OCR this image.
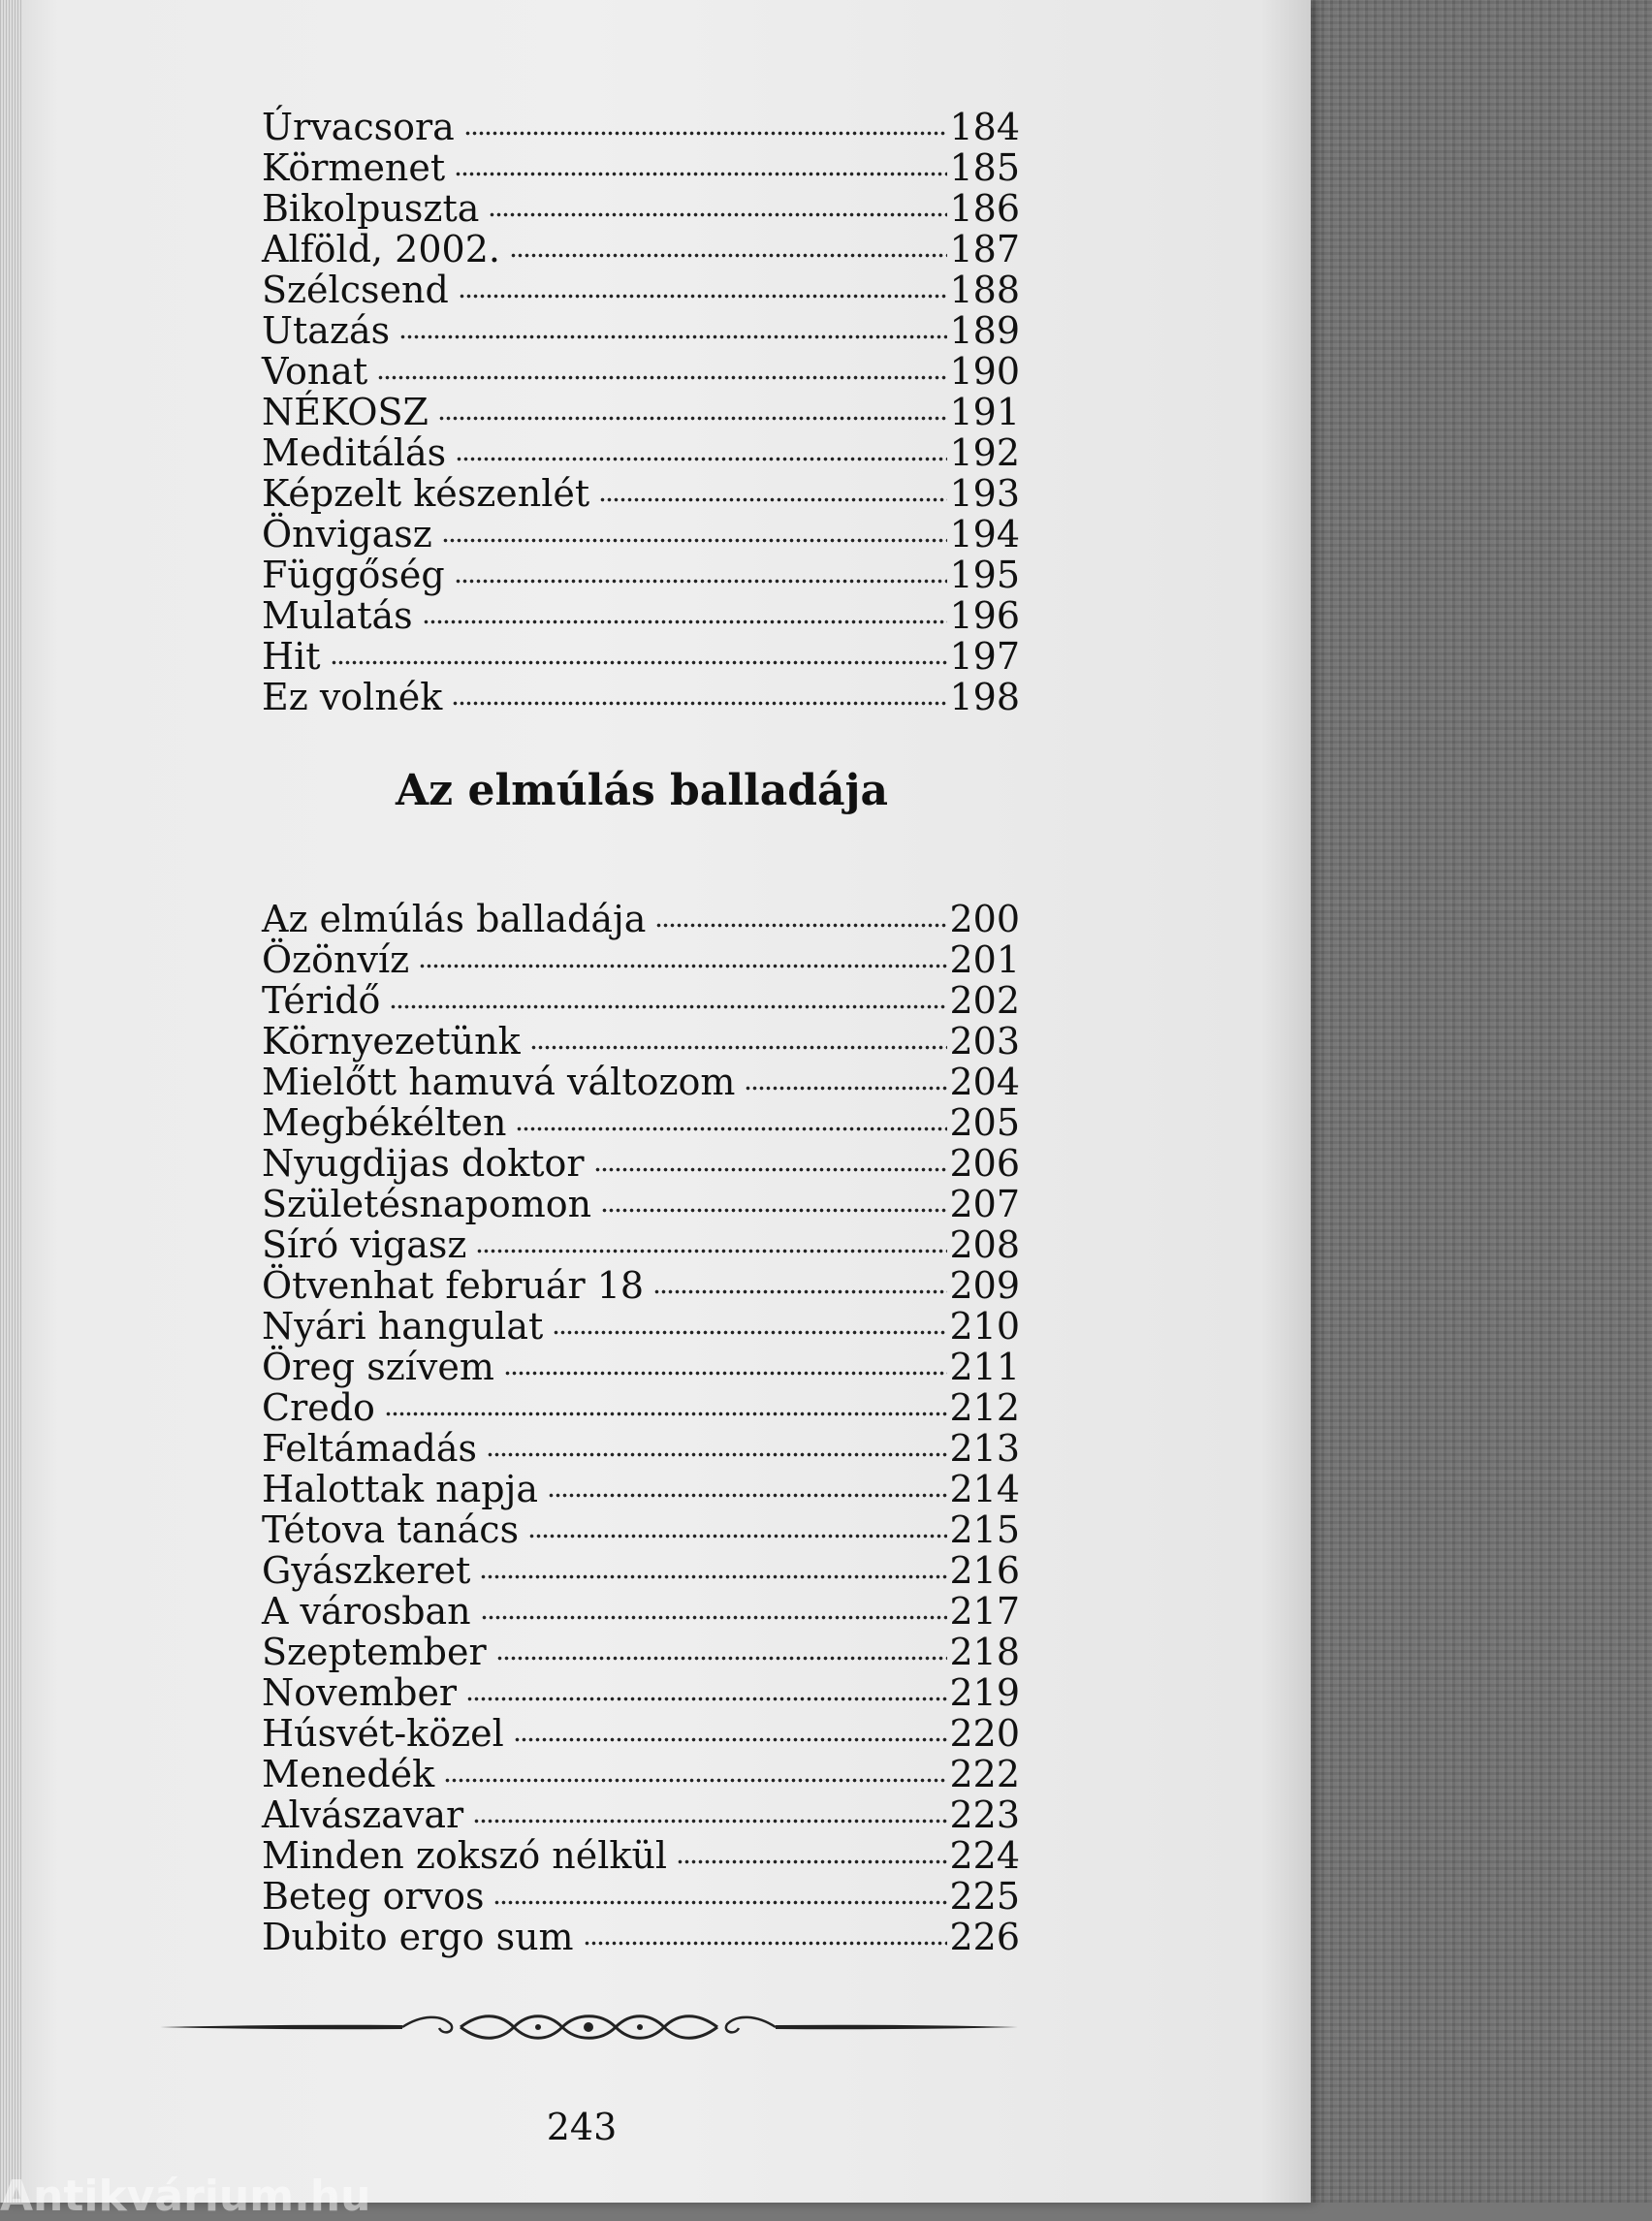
Úrvacsora	184
Körmenet	185
Bikolpuszta	186
Alföld, 2002.	187
Szélcsend	188
Utazás	189
Vonat	190
NÉKOSZ	191
Meditálás	192
Képzelt készenlét	193
Önvigasz	194
Függőség	195
Mulatás	196
Hit	197
Ez volnék	198
Az elmúlás balladája
Az elmúlás balladája	200
Özönvíz	201
Téridő	202
Környezetünk	203
Mielőtt hamuvá változom	204
Megbékélten	205
Nyugdijas doktor	206
Születésnapomon	207
Síró vigasz	208
Ötvenhat február 18	209
Nyári hangulat	210
Öreg szívem	211
Credo	212
Feltámadás	213
Halottak napja	214
Tétova tanács	215
Gyászkeret	216
A városban	217
Szeptember	218
November	219
Húsvét-közel	220
Menedék	222
Alvászavar	223
Minden zokszó nélkül	224
Beteg orvos	225
Dubito ergo sum	226
243
Antikvárium.hu
